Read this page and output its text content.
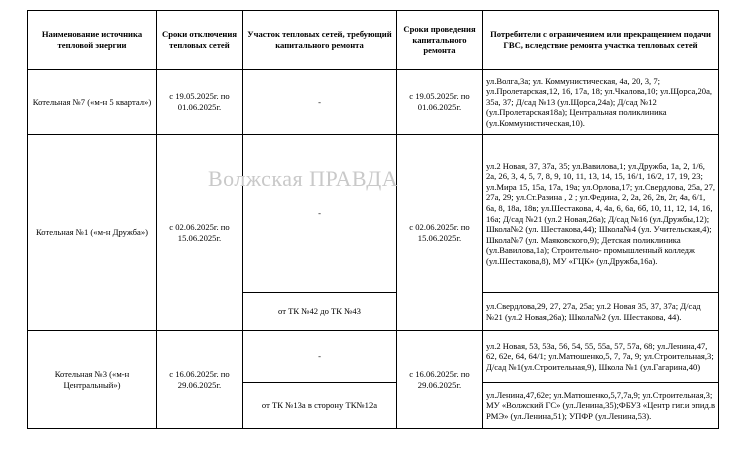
Наименование источника тепловой энергии	Сроки отключения тепловых сетей	Участок тепловых сетей, требующий капитального ремонта	Сроки проведения капитального ремонта	Потребители с ограничением или прекращением подачи ГВС, вследствие ремонта участка тепловых сетей
Котельная №7 («м-н 5 квартал»)	с 19.05.2025г. по 01.06.2025г.	-	с 19.05.2025г. по 01.06.2025г.	ул.Волга,3а; ул. Коммунистическая, 4а, 20, 3, 7; ул.Пролетарская,12, 16, 17а, 18; ул.Чкалова,10; ул.Щорса,20а, 35а, 37; Д/сад №13 (ул.Щорса,24а); Д/сад №12 (ул.Пролетарская18а); Центральная поликлиника (ул.Коммунистическая,10).
Котельная №1 («м-н Дружба»)	с 02.06.2025г. по 15.06.2025г.	-	с 02.06.2025г. по 15.06.2025г.	ул.2 Новая, 37, 37а, 35; ул.Вавилова,1; ул.Дружба, 1а, 2, 1/6, 2а, 26, 3, 4, 5, 7, 8, 9, 10, 11, 13, 14, 15, 16/1, 16/2, 17, 19, 23; ул.Мира 15, 15а, 17а, 19а; ул.Орлова,17; ул.Свердлова, 25а, 27, 27а, 29; ул.Ст.Разина , 2 ; ул.Федина, 2, 2а, 26, 2в, 2г, 4а, 6/1, 6а, 8, 18а, 18в; ул.Шестакова, 4, 4а, 6, 6а, 6б, 10, 11, 12, 14, 16, 16а; Д/сад №21 (ул.2 Новая,26а); Д/сад №16 (ул.Дружбы,12); Школа№2 (ул. Шестакова,44); Школа№4 (ул. Учительская,4); Школа№7 (ул. Маяковского,9); Детская поликлиника (ул.Вавилова,1а); Строительно- промышленный колледж (ул.Шестакова,8), МУ «ГЦК» (ул.Дружба,16а).
		от ТК №42 до ТК №43		ул.Свердлова,29, 27, 27а, 25а; ул.2 Новая 35, 37, 37а; Д/сад №21 (ул.2 Новая,26а); Школа№2 (ул. Шестакова, 44).
Котельная №3 («м-н Центральный»)	с 16.06.2025г. по 29.06.2025г.	-	с 16.06.2025г. по 29.06.2025г.	ул.2 Новая, 53, 53а, 56, 54, 55, 55а, 57, 57а, 68; ул.Ленина,47, 62, 62е, 64, 64/1; ул.Матюшенко,5, 7, 7а, 9; ул.Строительная,3; Д/сад №1(ул.Строительная,9), Школа №1 (ул.Гагарина,40)
		от ТК №13а в сторону ТК№12а		ул.Ленина,47,62е; ул.Матюшенко,5,7,7а,9; ул.Строительная,3; МУ «Волжский ГС» (ул.Ленина,35);ФБУЗ «Центр гиг.и эпид.в РМЭ» (ул.Ленина,51); УПФР (ул.Ленина,53).
Волжская ПРАВДА
